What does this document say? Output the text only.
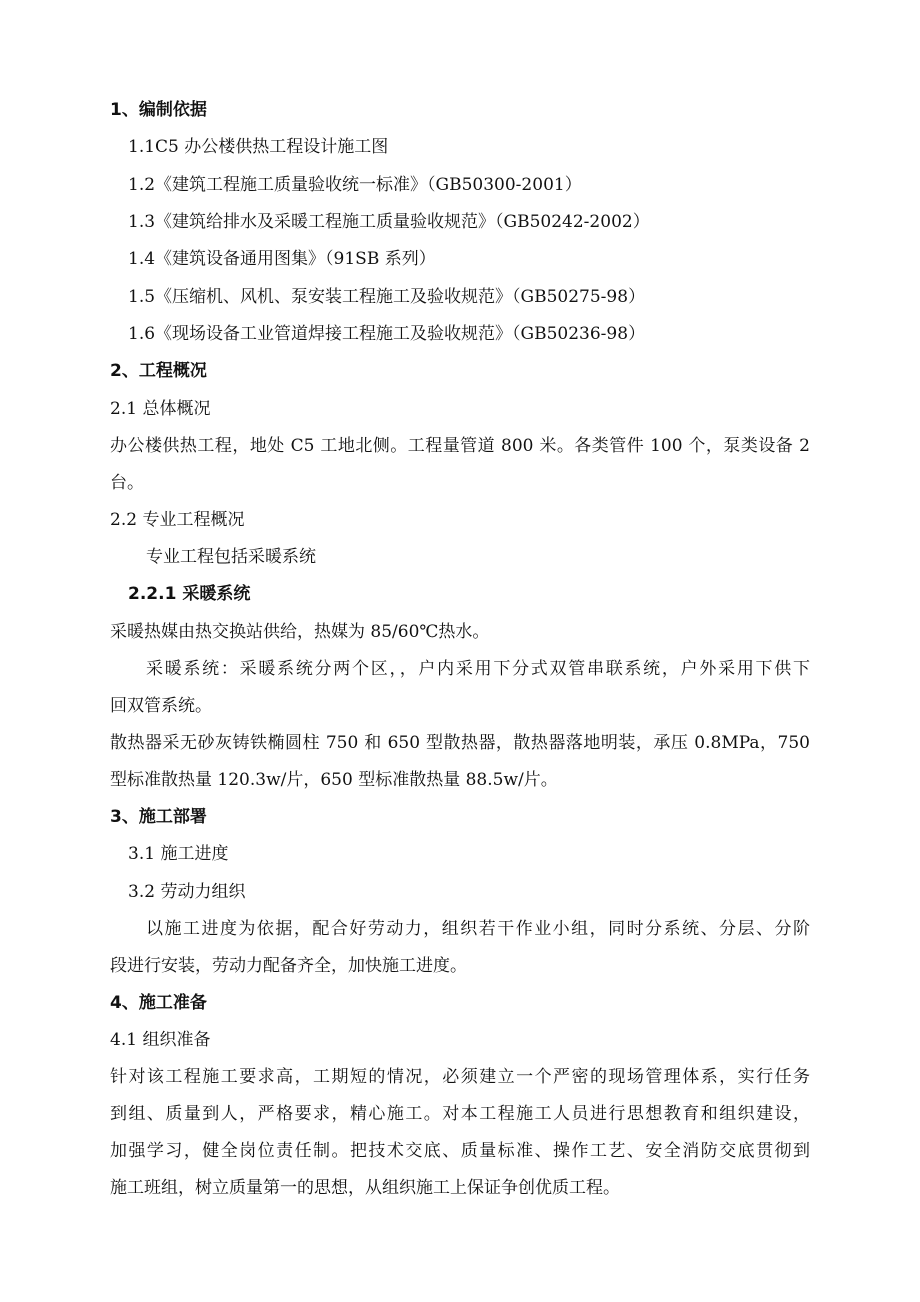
1、编制依据
1.1C5 办公楼供热工程设计施工图
1.2《建筑工程施工质量验收统一标准》（GB50300-2001）
1.3《建筑给排水及采暖工程施工质量验收规范》（GB50242-2002）
1.4《建筑设备通用图集》（91SB 系列）
1.5《压缩机、风机、泵安装工程施工及验收规范》（GB50275-98）
1.6《现场设备工业管道焊接工程施工及验收规范》（GB50236-98）
2、工程概况
2.1 总体概况
办公楼供热工程，地处 C5 工地北侧。工程量管道 800 米。各类管件 100 个，泵类设备 2
台。
2.2 专业工程概况
专业工程包括采暖系统
2.2.1 采暖系统
采暖热媒由热交换站供给，热媒为 85/60℃热水。
采暖系统：采暖系统分两个区，，户内采用下分式双管串联系统，户外采用下供下
回双管系统。
散热器采无砂灰铸铁椭圆柱 750 和 650 型散热器，散热器落地明装，承压 0.8MPa，750
型标准散热量 120.3w/片，650 型标准散热量 88.5w/片。
3、施工部署
3.1 施工进度
3.2 劳动力组织
以施工进度为依据，配合好劳动力，组织若干作业小组，同时分系统、分层、分阶
段进行安装，劳动力配备齐全，加快施工进度。
4、施工准备
4.1 组织准备
针对该工程施工要求高，工期短的情况，必须建立一个严密的现场管理体系，实行任务
到组、质量到人，严格要求，精心施工。对本工程施工人员进行思想教育和组织建设，
加强学习，健全岗位责任制。把技术交底、质量标准、操作工艺、安全消防交底贯彻到
施工班组，树立质量第一的思想，从组织施工上保证争创优质工程。
